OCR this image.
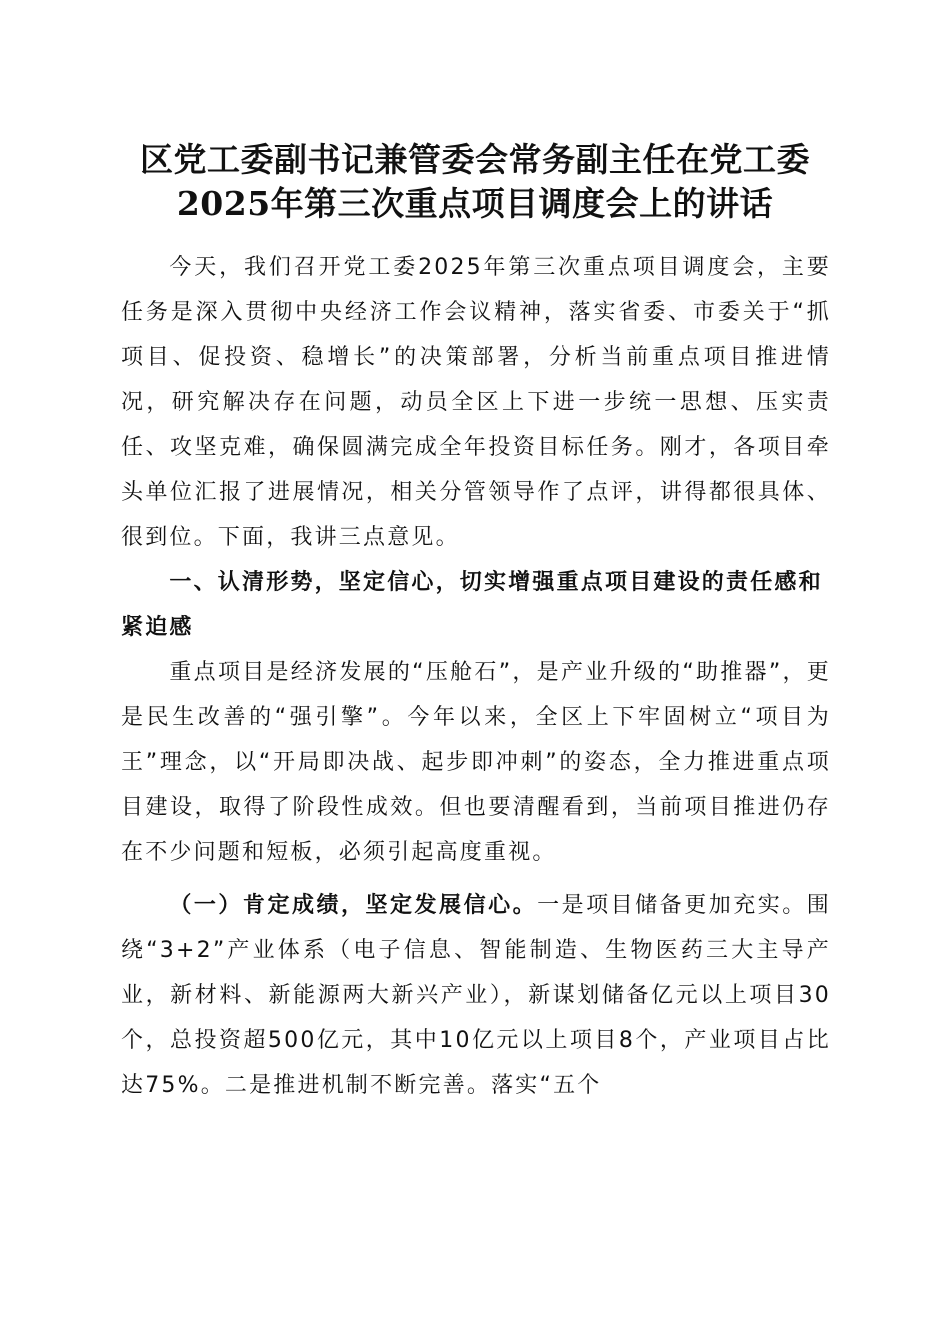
区党工委副书记兼管委会常务副主任在党工委
2025年第三次重点项目调度会上的讲话

今天，我们召开党工委2025年第三次重点项目调度会，主要任务是深入贯彻中央经济工作会议精神，落实省委、市委关于“抓项目、促投资、稳增长”的决策部署，分析当前重点项目推进情况，研究解决存在问题，动员全区上下进一步统一思想、压实责任、攻坚克难，确保圆满完成全年投资目标任务。刚才，各项目牵头单位汇报了进展情况，相关分管领导作了点评，讲得都很具体、很到位。下面，我讲三点意见。

一、认清形势，坚定信心，切实增强重点项目建设的责任感和紧迫感

重点项目是经济发展的“压舱石”，是产业升级的“助推器”，更是民生改善的“强引擎”。今年以来，全区上下牢固树立“项目为王”理念，以“开局即决战、起步即冲刺”的姿态，全力推进重点项目建设，取得了阶段性成效。但也要清醒看到，当前项目推进仍存在不少问题和短板，必须引起高度重视。

（一）肯定成绩，坚定发展信心。一是项目储备更加充实。围绕“3+2”产业体系（电子信息、智能制造、生物医药三大主导产业，新材料、新能源两大新兴产业），新谋划储备亿元以上项目30个，总投资超500亿元，其中10亿元以上项目8个，产业项目占比达75%。二是推进机制不断完善。落实“五个
